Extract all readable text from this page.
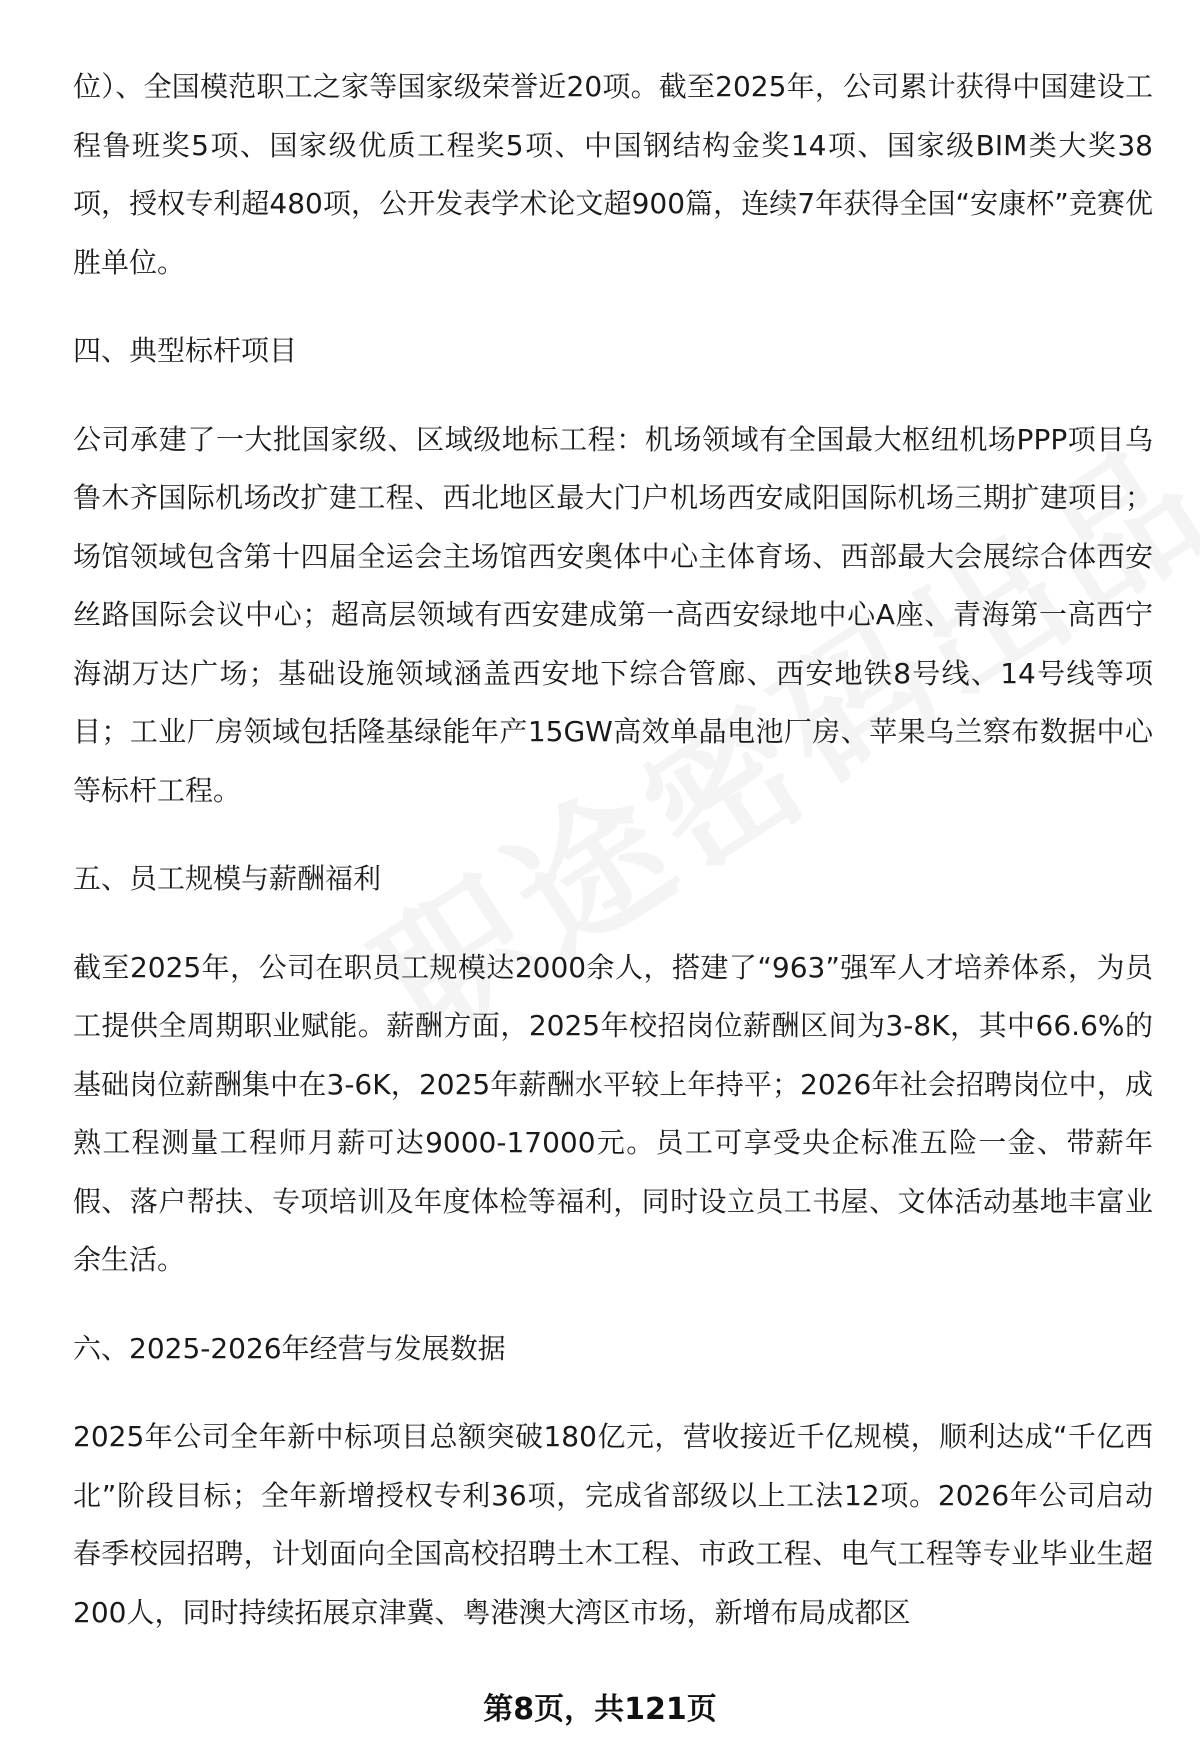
位）、全国模范职工之家等国家级荣誉近20项。截至2025年，公司累计获得中国建设工程鲁班奖5项、国家级优质工程奖5项、中国钢结构金奖14项、国家级BIM类大奖38项，授权专利超480项，公开发表学术论文超900篇，连续7年获得全国“安康杯”竞赛优胜单位。

四、典型标杆项目

公司承建了一大批国家级、区域级地标工程：机场领域有全国最大枢纽机场PPP项目乌鲁木齐国际机场改扩建工程、西北地区最大门户机场西安咸阳国际机场三期扩建项目；场馆领域包含第十四届全运会主场馆西安奥体中心主体育场、西部最大会展综合体西安丝路国际会议中心；超高层领域有西安建成第一高西安绿地中心A座、青海第一高西宁海湖万达广场；基础设施领域涵盖西安地下综合管廊、西安地铁8号线、14号线等项目；工业厂房领域包括隆基绿能年产15GW高效单晶电池厂房、苹果乌兰察布数据中心等标杆工程。

五、员工规模与薪酬福利

截至2025年，公司在职员工规模达2000余人，搭建了“963”强军人才培养体系，为员工提供全周期职业赋能。薪酬方面，2025年校招岗位薪酬区间为3-8K，其中66.6%的基础岗位薪酬集中在3-6K，2025年薪酬水平较上年持平；2026年社会招聘岗位中，成熟工程测量工程师月薪可达9000-17000元。员工可享受央企标准五险一金、带薪年假、落户帮扶、专项培训及年度体检等福利，同时设立员工书屋、文体活动基地丰富业余生活。

六、2025-2026年经营与发展数据

2025年公司全年新中标项目总额突破180亿元，营收接近千亿规模，顺利达成“千亿西北”阶段目标；全年新增授权专利36项，完成省部级以上工法12项。2026年公司启动春季校园招聘，计划面向全国高校招聘土木工程、市政工程、电气工程等专业毕业生超200人，同时持续拓展京津冀、粤港澳大湾区市场，新增布局成都区

第8页，共121页
